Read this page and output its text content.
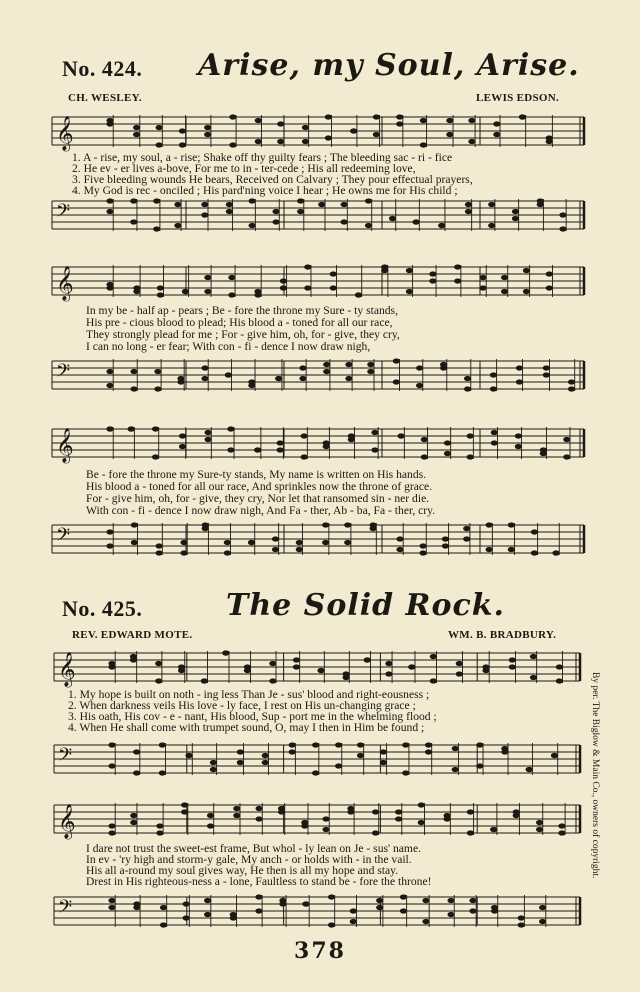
No. 424. Arise, my Soul, Arise.
CH. WESLEY.	LEWIS EDSON.
𝄞
𝄢
𝄞
𝄢
𝄞
𝄢
1. A - rise, my soul, a - rise; Shake off thy guilty fears ; The bleeding sac - ri - fice
2. He ev - er lives a-bove, For me to in - ter-cede ; His all redeeming love,
3. Five bleeding wounds He bears, Received on Calvary ; They pour effectual prayers,
4. My God is rec - onciled ; His pard'ning voice I hear ; He owns me for His child ;
In my be - half ap - pears ; Be - fore the throne my Sure - ty stands,
His pre - cious blood to plead; His blood a - toned for all our race,
They strongly plead for me ; For - give him, oh, for - give, they cry,
I can no long - er fear; With con - fi - dence I now draw nigh,
Be - fore the throne my Sure-ty stands, My name is written on His hands.
His blood a - toned for all our race, And sprinkles now the throne of grace.
For - give him, oh, for - give, they cry, Nor let that ransomed sin - ner die.
With con - fi - dence I now draw nigh, And Fa - ther, Ab - ba, Fa - ther, cry.
No. 425.	The Solid Rock.
REV. EDWARD MOTE.	WM. B. BRADBURY.
𝄞
𝄢
𝄞
𝄢
1. My hope is built on noth - ing less Than Je - sus' blood and right-eousness ;
2. When darkness veils His love - ly face, I rest on His un-changing grace ;
3. His oath, His cov - e - nant, His blood, Sup - port me in the whelming flood ;
4. When He shall come with trumpet sound, O, may I then in Him be found ;
I dare not trust the sweet-est frame, But whol - ly lean on Je - sus' name.
In ev - 'ry high and storm-y gale, My anch - or holds with - in the vail.
His all a-round my soul gives way, He then is all my hope and stay.
Drest in His righteous-ness a - lone, Faultless to stand be - fore the throne!
By per. The Biglow & Main Co., owners of copyright.
378
